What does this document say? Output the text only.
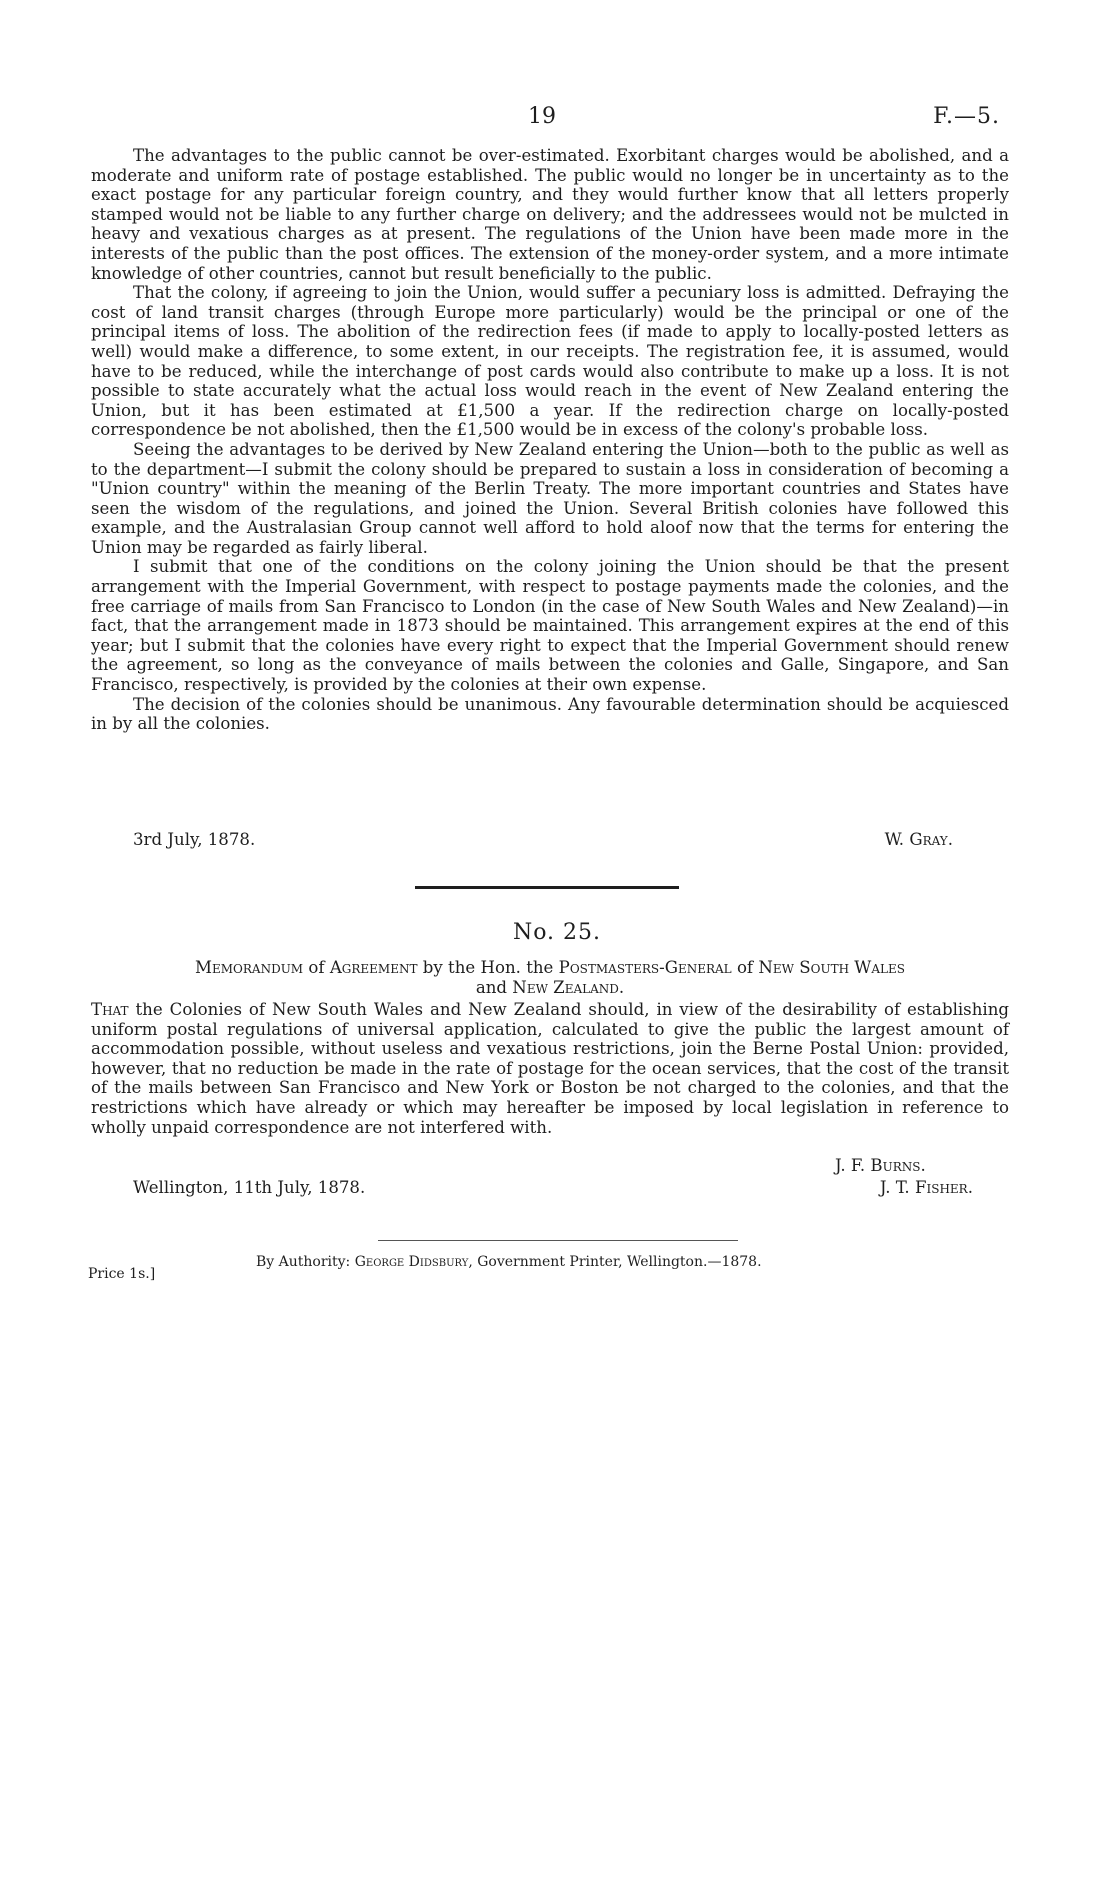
19	F.—5.

The advantages to the public cannot be over-estimated. Exorbitant charges would be abolished, and a moderate and uniform rate of postage established. The public would no longer be in uncertainty as to the exact postage for any particular foreign country, and they would further know that all letters properly stamped would not be liable to any further charge on delivery; and the addressees would not be mulcted in heavy and vexatious charges as at present. The regulations of the Union have been made more in the interests of the public than the post offices. The extension of the money-order system, and a more intimate knowledge of other countries, cannot but result beneficially to the public.

That the colony, if agreeing to join the Union, would suffer a pecuniary loss is admitted. Defraying the cost of land transit charges (through Europe more particularly) would be the principal or one of the principal items of loss. The abolition of the redirection fees (if made to apply to locally-posted letters as well) would make a difference, to some extent, in our receipts. The registration fee, it is assumed, would have to be reduced, while the interchange of post cards would also contribute to make up a loss. It is not possible to state accurately what the actual loss would reach in the event of New Zealand entering the Union, but it has been estimated at £1,500 a year. If the redirection charge on locally-posted correspondence be not abolished, then the £1,500 would be in excess of the colony's probable loss.

Seeing the advantages to be derived by New Zealand entering the Union—both to the public as well as to the department—I submit the colony should be prepared to sustain a loss in consideration of becoming a "Union country" within the meaning of the Berlin Treaty. The more important countries and States have seen the wisdom of the regulations, and joined the Union. Several British colonies have followed this example, and the Australasian Group cannot well afford to hold aloof now that the terms for entering the Union may be regarded as fairly liberal.

I submit that one of the conditions on the colony joining the Union should be that the present arrangement with the Imperial Government, with respect to postage payments made the colonies, and the free carriage of mails from San Francisco to London (in the case of New South Wales and New Zealand)—in fact, that the arrangement made in 1873 should be maintained. This arrangement expires at the end of this year; but I submit that the colonies have every right to expect that the Imperial Government should renew the agreement, so long as the conveyance of mails between the colonies and Galle, Singapore, and San Francisco, respectively, is provided by the colonies at their own expense.

The decision of the colonies should be unanimous. Any favourable determination should be acquiesced in by all the colonies.

3rd July, 1878.	W. Gray.
No. 25.
Memorandum of Agreement by the Hon. the Postmasters-General of New South Wales
and New Zealand.

That the Colonies of New South Wales and New Zealand should, in view of the desirability of establishing uniform postal regulations of universal application, calculated to give the public the largest amount of accommodation possible, without useless and vexatious restrictions, join the Berne Postal Union: provided, however, that no reduction be made in the rate of postage for the ocean services, that the cost of the transit of the mails between San Francisco and New York or Boston be not charged to the colonies, and that the restrictions which have already or which may hereafter be imposed by local legislation in reference to wholly unpaid correspondence are not interfered with.

J. F. Burns.
Wellington, 11th July, 1878.	J. T. Fisher.
Price 1s.]
By Authority: George Didsbury, Government Printer, Wellington.—1878.
